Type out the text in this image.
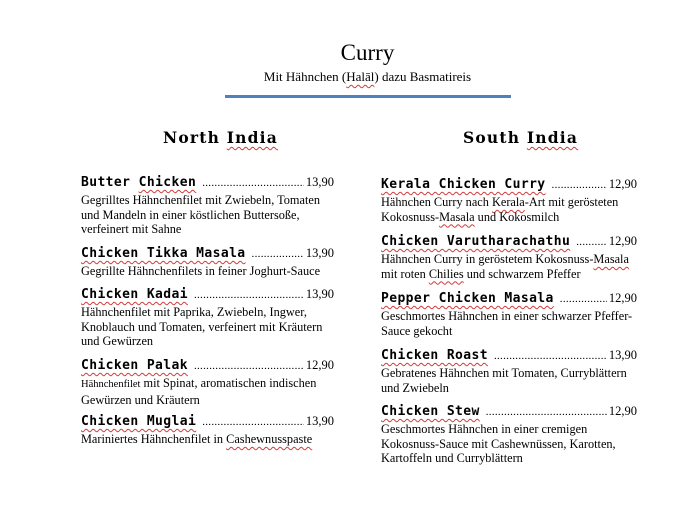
Curry
Mit Hähnchen (Halāl) dazu Basmatireis
North India	South India
Butter Chicken .....	13,90
Gegrilltes Hähnchenfilet mit Zwiebeln, Tomaten und Mandeln in einer köstlichen Buttersoße, verfeinert mit Sahne
Chicken Tikka Masala .....	13,90
Gegrillte Hähnchenfilets in feiner Joghurt-Sauce
Chicken Kadai .....	13,90
Hähnchenfilet mit Paprika, Zwiebeln, Ingwer, Knoblauch und Tomaten, verfeinert mit Kräutern und Gewürzen
Chicken Palak .....	12,90
Hähnchenfilet mit Spinat, aromatischen indischen Gewürzen und Kräutern
Chicken Muglai .....	13,90
Mariniertes Hähnchenfilet in Cashewnusspaste
Kerala Chicken Curry .....	12,90
Hähnchen Curry nach Kerala-Art mit gerösteten Kokosnuss-Masala und Kokosmilch
Chicken Varutharachathu .....	12,90
Hähnchen Curry in geröstetem Kokosnuss-Masala mit roten Chilies und schwarzem Pfeffer
Pepper Chicken Masala .....	12,90
Geschmortes Hähnchen in einer schwarzer Pfeffer-Sauce gekocht
Chicken Roast .....	13,90
Gebratenes Hähnchen mit Tomaten, Curryblättern und Zwiebeln
Chicken Stew .....	12,90
Geschmortes Hähnchen in einer cremigen Kokosnuss-Sauce mit Cashewnüssen, Karotten, Kartoffeln und Curryblättern
